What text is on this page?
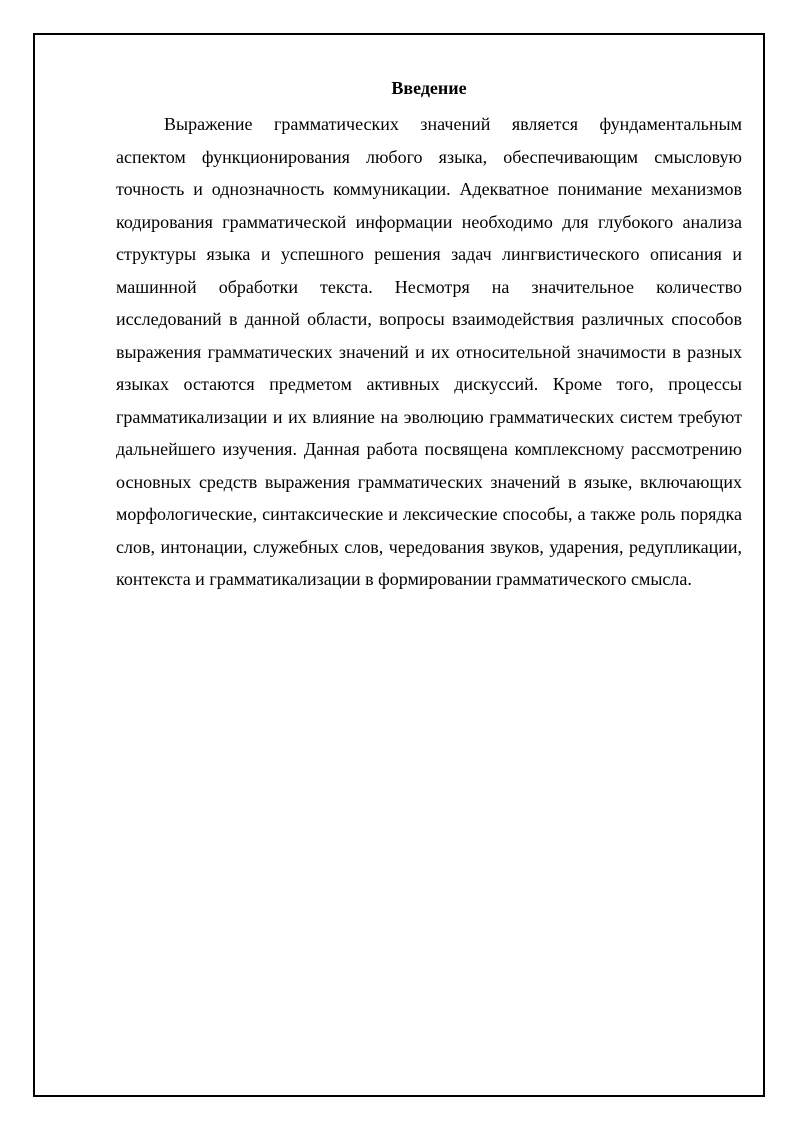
Введение

Выражение грамматических значений является фундаментальным аспектом функционирования любого языка, обеспечивающим смысловую точность и однозначность коммуникации. Адекватное понимание механизмов кодирования грамматической информации необходимо для глубокого анализа структуры языка и успешного решения задач лингвистического описания и машинной обработки текста. Несмотря на значительное количество исследований в данной области, вопросы взаимодействия различных способов выражения грамматических значений и их относительной значимости в разных языках остаются предметом активных дискуссий. Кроме того, процессы грамматикализации и их влияние на эволюцию грамматических систем требуют дальнейшего изучения. Данная работа посвящена комплексному рассмотрению основных средств выражения грамматических значений в языке, включающих морфологические, синтаксические и лексические способы, а также роль порядка слов, интонации, служебных слов, чередования звуков, ударения, редупликации, контекста и грамматикализации в формировании грамматического смысла.
